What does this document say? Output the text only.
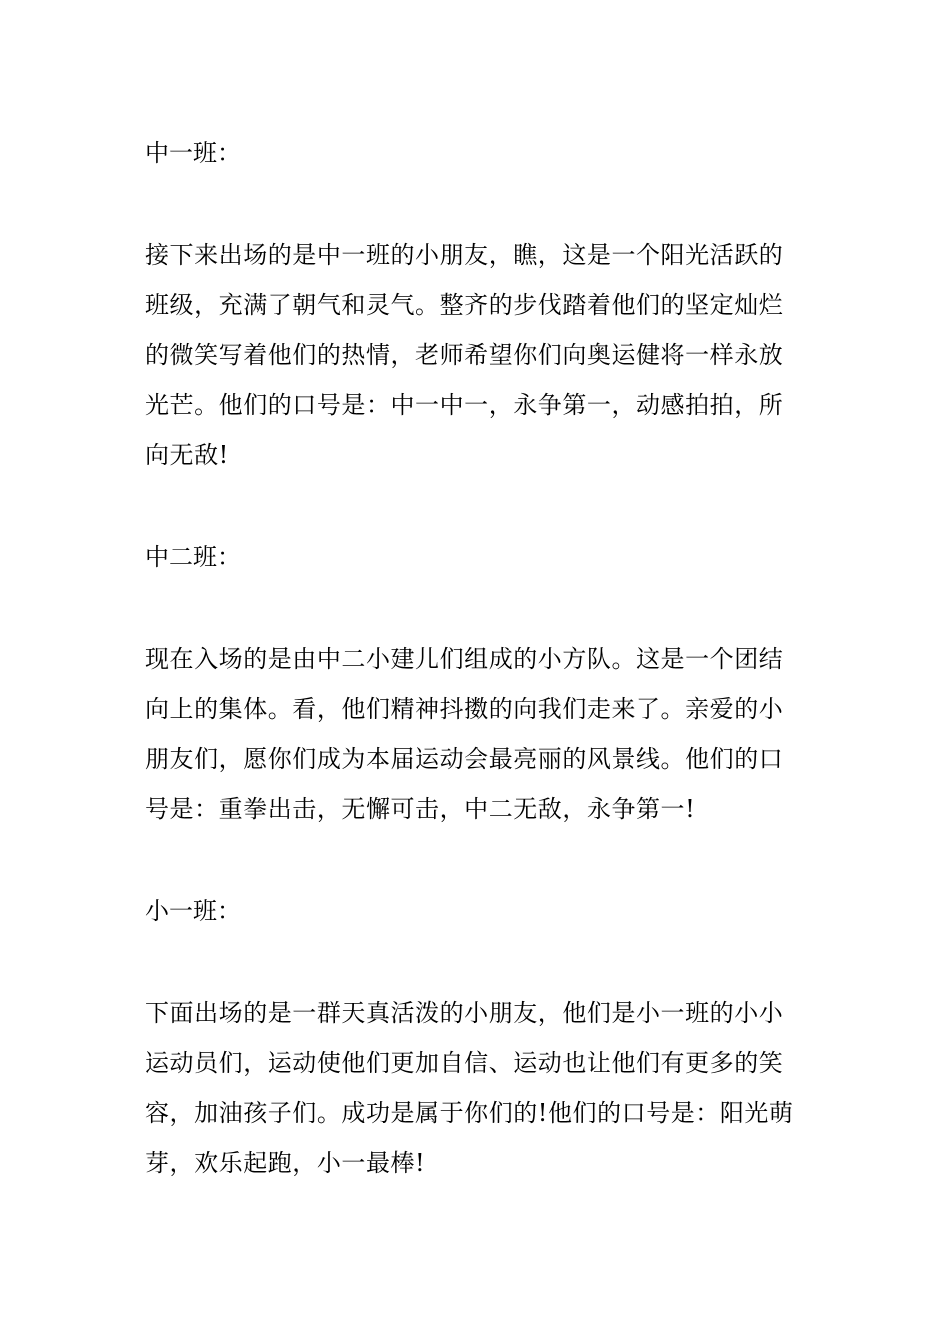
中一班：

接下来出场的是中一班的小朋友，瞧，这是一个阳光活跃的班级，充满了朝气和灵气。整齐的步伐踏着他们的坚定灿烂的微笑写着他们的热情，老师希望你们向奥运健将一样永放光芒。他们的口号是：中一中一，永争第一，动感拍拍，所向无敌!

中二班：

现在入场的是由中二小建儿们组成的小方队。这是一个团结向上的集体。看，他们精神抖擞的向我们走来了。亲爱的小朋友们，愿你们成为本届运动会最亮丽的风景线。他们的口号是：重拳出击，无懈可击，中二无敌，永争第一!

小一班：

下面出场的是一群天真活泼的小朋友，他们是小一班的小小运动员们，运动使他们更加自信、运动也让他们有更多的笑容，加油孩子们。成功是属于你们的!他们的口号是：阳光萌芽，欢乐起跑，小一最棒!
